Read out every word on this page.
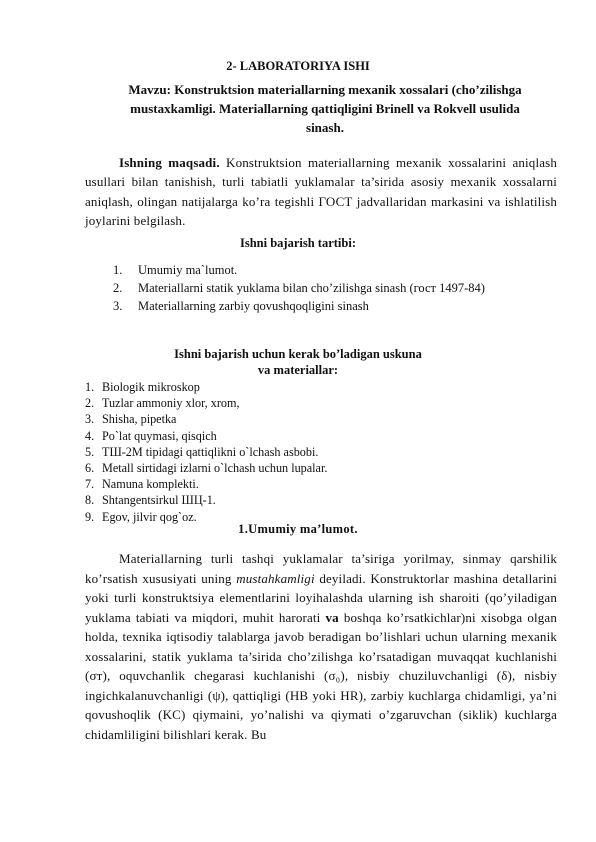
2- LABORATORIYA ISHI
Mavzu: Konstruktsion materiallarning mexanik xossalari (cho’zilishga mustaxkamligi. Materiallarning qattiqligini Brinell va Rokvell usulida sinash.

Ishning maqsadi. Konstruktsion materiallarning mexanik xossalarini aniqlash usullari bilan tanishish, turli tabiatli yuklamalar ta’sirida asosiy mexanik xossalarni aniqlash, olingan natijalarga ko’ra tegishli ГОСТ jadvallaridan markasini va ishlatilish joylarini belgilash.

Ishni bajarish tartibi:
1. Umumiy ma`lumot.
2. Materiallarni statik yuklama bilan cho’zilishga sinash (гост 1497-84)
3. Materiallarning zarbiy qovushqoqligini sinash
Ishni bajarish uchun kerak bo’ladigan uskuna
va materiallar:
1. Biologik mikroskop
2. Tuzlar ammoniy xlor, xrom,
3. Shisha, pipetka
4. Po`lat quymasi, qisqich
5. ТШ-2М tipidagi qattiqlikni o`lchash asbobi.
6. Metall sirtidagi izlarni o`lchash uchun lupalar.
7. Namuna komplekti.
8. Shtangentsirkul ШЦ-1.
9. Egov, jilvir qog`oz.
1.Umumiy ma’lumot.

Materiallarning turli tashqi yuklamalar ta’siriga yorilmay, sinmay qarshilik ko’rsatish xususiyati uning mustahkamligi deyiladi. Konstruktorlar mashina detallarini yoki turli konstruktsiya elementlarini loyihalashda ularning ish sharoiti (qo’yiladigan yuklama tabiati va miqdori, muhit harorati va boshqa ko’rsatkichlar)ni xisobga olgan holda, texnika iqtisodiy talablarga javob beradigan bo’lishlari uchun ularning mexanik xossalarini, statik yuklama ta’sirida cho’zilishga ko’rsatadigan muvaqqat kuchlanishi (σᴛ), oquvchanlik chegarasi kuchlanishi (σ₀), nisbiy chuziluvchanligi (δ), nisbiy ingichkalanuvchanligi (ψ), qattiqligi (HB yoki HR), zarbiy kuchlarga chidamligi, ya’ni qovushoqlik (KC) qiymaini, yo’nalishi va qiymati o’zgaruvchan (siklik) kuchlarga chidamliligini bilishlari kerak. Bu
